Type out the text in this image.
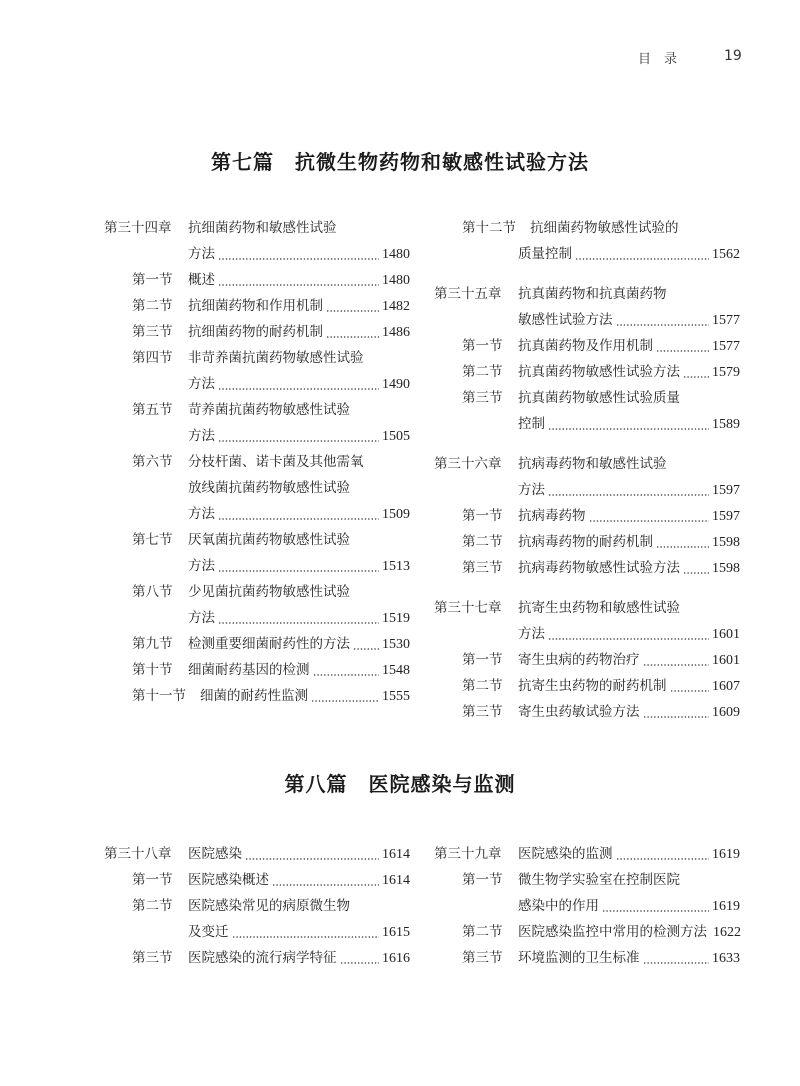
目　录	19
第七篇　抗微生物药物和敏感性试验方法
第三十四章	抗细菌药物和敏感性试验
方法	1480
第一节	概述	1480
第二节	抗细菌药物和作用机制	1482
第三节	抗细菌药物的耐药机制	1486
第四节	非苛养菌抗菌药物敏感性试验
方法	1490
第五节	苛养菌抗菌药物敏感性试验
方法	1505
第六节	分枝杆菌、诺卡菌及其他需氧
放线菌抗菌药物敏感性试验
方法	1509
第七节	厌氧菌抗菌药物敏感性试验
方法	1513
第八节	少见菌抗菌药物敏感性试验
方法	1519
第九节	检测重要细菌耐药性的方法 1530
第十节	细菌耐药基因的检测	1548
第十一节	细菌的耐药性监测	1555
第十二节	抗细菌药物敏感性试验的
质量控制	1562
第三十五章	抗真菌药物和抗真菌药物
敏感性试验方法	1577
第一节	抗真菌药物及作用机制	1577
第二节	抗真菌药物敏感性试验方法 1579
第三节	抗真菌药物敏感性试验质量
控制	1589
第三十六章	抗病毒药物和敏感性试验
方法	1597
第一节	抗病毒药物	1597
第二节	抗病毒药物的耐药机制	1598
第三节	抗病毒药物敏感性试验方法 1598
第三十七章	抗寄生虫药物和敏感性试验
方法	1601
第一节	寄生虫病的药物治疗	1601
第二节	抗寄生虫药物的耐药机制	1607
第三节	寄生虫药敏试验方法	1609
第八篇　医院感染与监测
第三十八章	医院感染	1614
第一节	医院感染概述	1614
第二节	医院感染常见的病原微生物
及变迁	1615
第三节	医院感染的流行病学特征	1616
第三十九章	医院感染的监测	1619
第一节	微生物学实验室在控制医院
感染中的作用	1619
第二节	医院感染监控中常用的检测方法 1622
第三节	环境监测的卫生标准	1633
